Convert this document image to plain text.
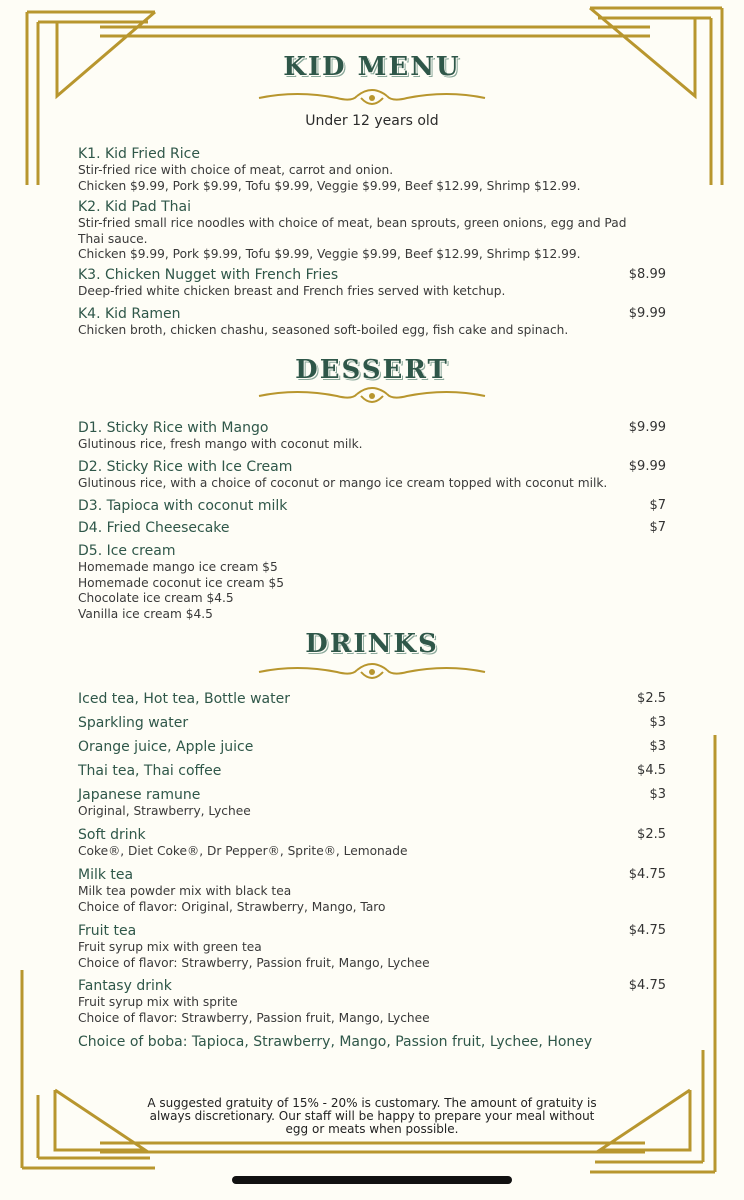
KID MENU
Under 12 years old
K1. Kid Fried Rice
Stir-fried rice with choice of meat, carrot and onion.
Chicken $9.99, Pork $9.99, Tofu $9.99, Veggie $9.99, Beef $12.99, Shrimp $12.99.
K2. Kid Pad Thai
Stir-fried small rice noodles with choice of meat, bean sprouts, green onions, egg and Pad
Thai sauce.
Chicken $9.99, Pork $9.99, Tofu $9.99, Veggie $9.99, Beef $12.99, Shrimp $12.99.
K3. Chicken Nugget with French Fries	$8.99
Deep-fried white chicken breast and French fries served with ketchup.
K4. Kid Ramen	$9.99
Chicken broth, chicken chashu, seasoned soft-boiled egg, fish cake and spinach.
DESSERT
D1. Sticky Rice with Mango	$9.99
Glutinous rice, fresh mango with coconut milk.
D2. Sticky Rice with Ice Cream	$9.99
Glutinous rice, with a choice of coconut or mango ice cream topped with coconut milk.
D3. Tapioca with coconut milk	$7
D4. Fried Cheesecake	$7
D5. Ice cream
Homemade mango ice cream $5
Homemade coconut ice cream $5
Chocolate ice cream $4.5
Vanilla ice cream $4.5
DRINKS
Iced tea, Hot tea, Bottle water	$2.5
Sparkling water	$3
Orange juice, Apple juice	$3
Thai tea, Thai coffee	$4.5
Japanese ramune	$3
Original, Strawberry, Lychee
Soft drink	$2.5
Coke®, Diet Coke®, Dr Pepper®, Sprite®, Lemonade
Milk tea	$4.75
Milk tea powder mix with black tea
Choice of flavor: Original, Strawberry, Mango, Taro
Fruit tea	$4.75
Fruit syrup mix with green tea
Choice of flavor: Strawberry, Passion fruit, Mango, Lychee
Fantasy drink	$4.75
Fruit syrup mix with sprite
Choice of flavor: Strawberry, Passion fruit, Mango, Lychee
Choice of boba: Tapioca, Strawberry, Mango, Passion fruit, Lychee, Honey
A suggested gratuity of 15% - 20% is customary. The amount of gratuity is
always discretionary. Our staff will be happy to prepare your meal without
egg or meats when possible.
